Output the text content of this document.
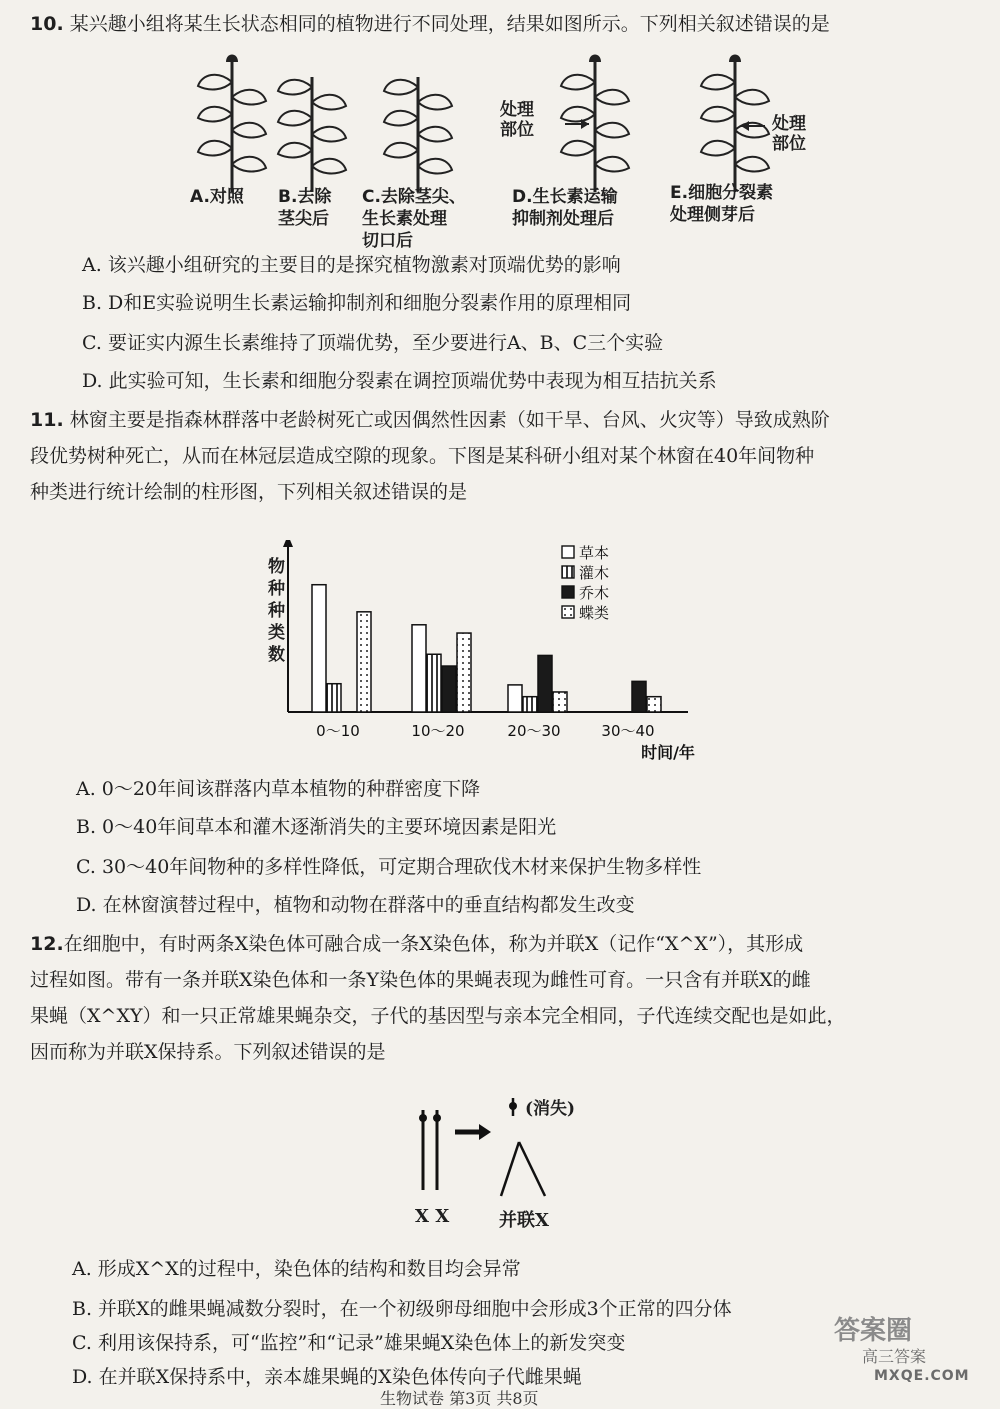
10. 某兴趣小组将某生长状态相同的植物进行不同处理，结果如图所示。下列相关叙述错误的是
处理
部位	处理
部位
A.对照 B.去除
茎尖后
C.去除茎尖、
生长素处理
切口后
D.生长素运输
抑制剂处理后
E.细胞分裂素
处理侧芽后
A. 该兴趣小组研究的主要目的是探究植物激素对顶端优势的影响
B. D和E实验说明生长素运输抑制剂和细胞分裂素作用的原理相同
C. 要证实内源生长素维持了顶端优势，至少要进行A、B、C三个实验
D. 此实验可知，生长素和细胞分裂素在调控顶端优势中表现为相互拮抗关系
11. 林窗主要是指森林群落中老龄树死亡或因偶然性因素（如干旱、台风、火灾等）导致成熟阶
段优势树种死亡，从而在林冠层造成空隙的现象。下图是某科研小组对某个林窗在40年间物种
种类进行统计绘制的柱形图，下列相关叙述错误的是
0～10	10～20	20～30	30～40
时间/年
草本
灌木
乔木
蝶类
物种种类数
A. 0～20年间该群落内草本植物的种群密度下降
B. 0～40年间草本和灌木逐渐消失的主要环境因素是阳光
C. 30～40年间物种的多样性降低，可定期合理砍伐木材来保护生物多样性
D. 在林窗演替过程中，植物和动物在群落中的垂直结构都发生改变
12.在细胞中，有时两条X染色体可融合成一条X染色体，称为并联X（记作“X^X”），其形成
过程如图。带有一条并联X染色体和一条Y染色体的果蝇表现为雌性可育。一只含有并联X的雌
果蝇（X^XY）和一只正常雄果蝇杂交，子代的基因型与亲本完全相同，子代连续交配也是如此，
因而称为并联X保持系。下列叙述错误的是
(消失)
X X	并联X
A. 形成X^X的过程中，染色体的结构和数目均会异常
B. 并联X的雌果蝇减数分裂时，在一个初级卵母细胞中会形成3个正常的四分体
C. 利用该保持系，可“监控”和“记录”雄果蝇X染色体上的新发突变
D. 在并联X保持系中，亲本雄果蝇的X染色体传向子代雌果蝇
生物试卷 第3页 共8页
答案圈
高三答案
MXQE.COM
